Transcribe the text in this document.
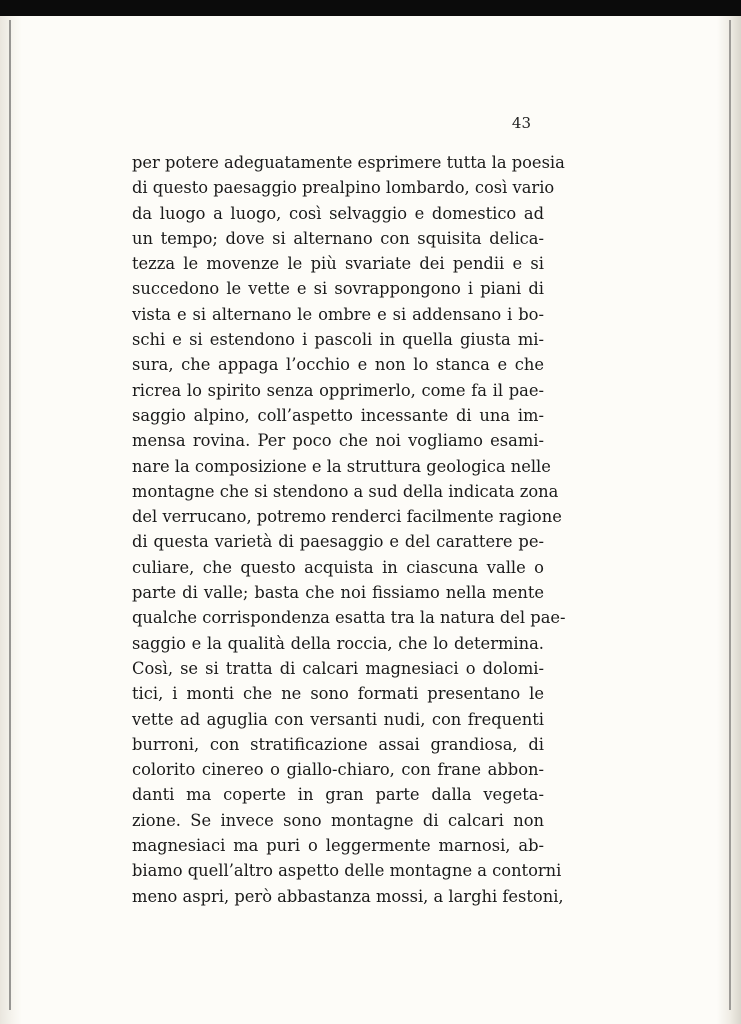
43
per potere adeguatamente esprimere tutta la poesia
di questo paesaggio prealpino lombardo, così vario
da luogo a luogo, così selvaggio e domestico ad
un tempo; dove si alternano con squisita delica-
tezza le movenze le più svariate dei pendii e si
succedono le vette e si sovrappongono i piani di
vista e si alternano le ombre e si addensano i bo-
schi e si estendono i pascoli in quella giusta mi-
sura, che appaga l’occhio e non lo stanca e che
ricrea lo spirito senza opprimerlo, come fa il pae-
saggio alpino, coll’aspetto incessante di una im-
mensa rovina. Per poco che noi vogliamo esami-
nare la composizione e la struttura geologica nelle
montagne che si stendono a sud della indicata zona
del verrucano, potremo renderci facilmente ragione
di questa varietà di paesaggio e del carattere pe-
culiare, che questo acquista in ciascuna valle o
parte di valle; basta che noi fissiamo nella mente
qualche corrispondenza esatta tra la natura del pae-
saggio e la qualità della roccia, che lo determina.
Così, se si tratta di calcari magnesiaci o dolomi-
tici, i monti che ne sono formati presentano le
vette ad aguglia con versanti nudi, con frequenti
burroni, con stratificazione assai grandiosa, di
colorito cinereo o giallo-chiaro, con frane abbon-
danti ma coperte in gran parte dalla vegeta-
zione. Se invece sono montagne di calcari non
magnesiaci ma puri o leggermente marnosi, ab-
biamo quell’altro aspetto delle montagne a contorni
meno aspri, però abbastanza mossi, a larghi festoni,
